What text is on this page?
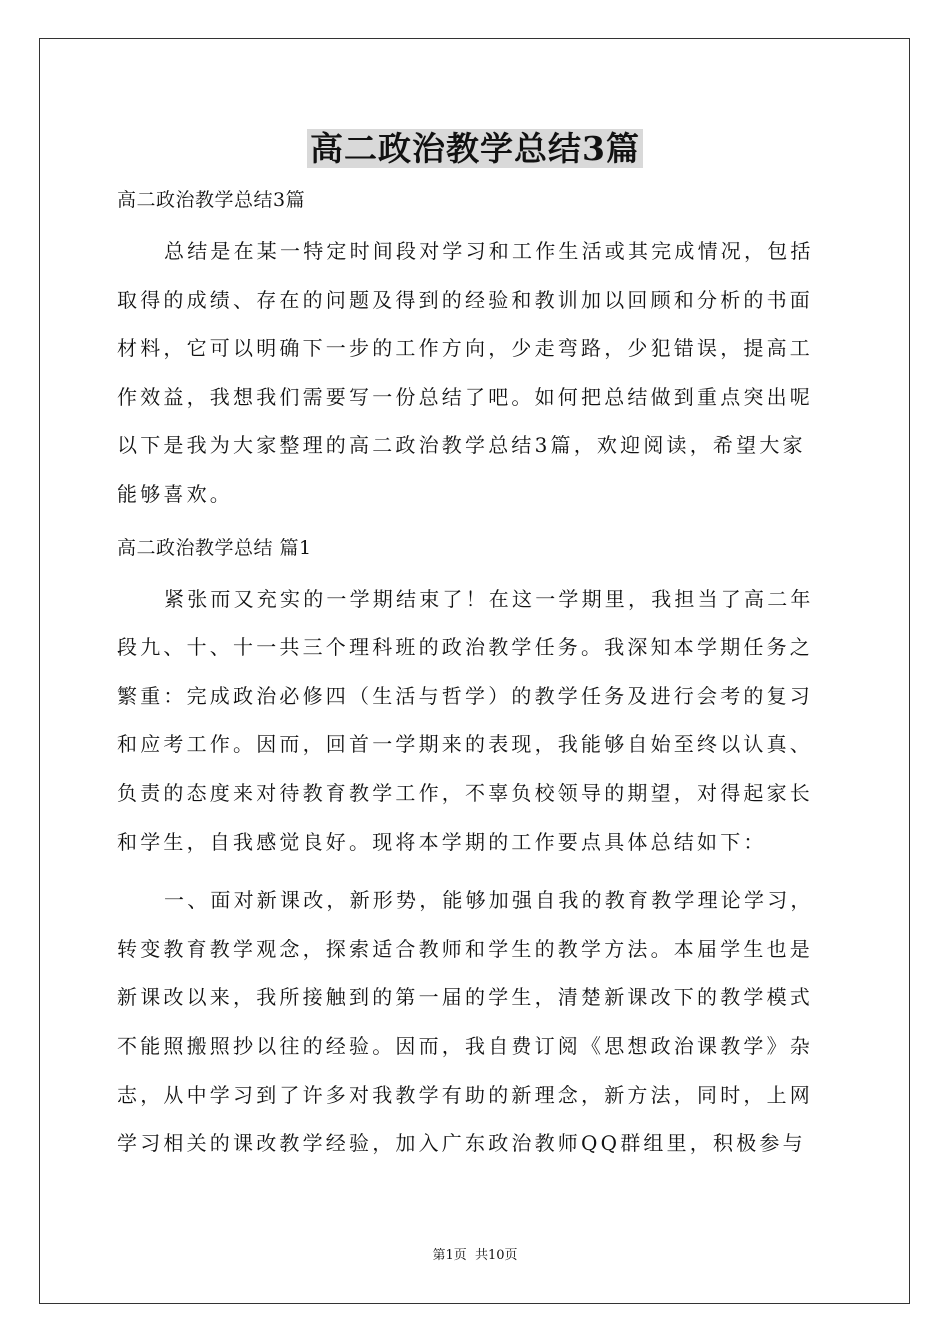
高二政治教学总结3篇

高二政治教学总结3篇

总结是在某一特定时间段对学习和工作生活或其完成情况，包括

取得的成绩、存在的问题及得到的经验和教训加以回顾和分析的书面

材料，它可以明确下一步的工作方向，少走弯路，少犯错误，提高工

作效益，我想我们需要写一份总结了吧。如何把总结做到重点突出呢

以下是我为大家整理的高二政治教学总结3篇，欢迎阅读，希望大家

能够喜欢。

高二政治教学总结 篇1

紧张而又充实的一学期结束了！在这一学期里，我担当了高二年

段九、十、十一共三个理科班的政治教学任务。我深知本学期任务之

繁重：完成政治必修四（生活与哲学）的教学任务及进行会考的复习

和应考工作。因而，回首一学期来的表现，我能够自始至终以认真、

负责的态度来对待教育教学工作，不辜负校领导的期望，对得起家长

和学生，自我感觉良好。现将本学期的工作要点具体总结如下：

一、面对新课改，新形势，能够加强自我的教育教学理论学习，

转变教育教学观念，探索适合教师和学生的教学方法。本届学生也是

新课改以来，我所接触到的第一届的学生，清楚新课改下的教学模式

不能照搬照抄以往的经验。因而，我自费订阅《思想政治课教学》杂

志，从中学习到了许多对我教学有助的新理念，新方法，同时，上网

学习相关的课改教学经验，加入广东政治教师QQ群组里，积极参与

第1页 共10页
